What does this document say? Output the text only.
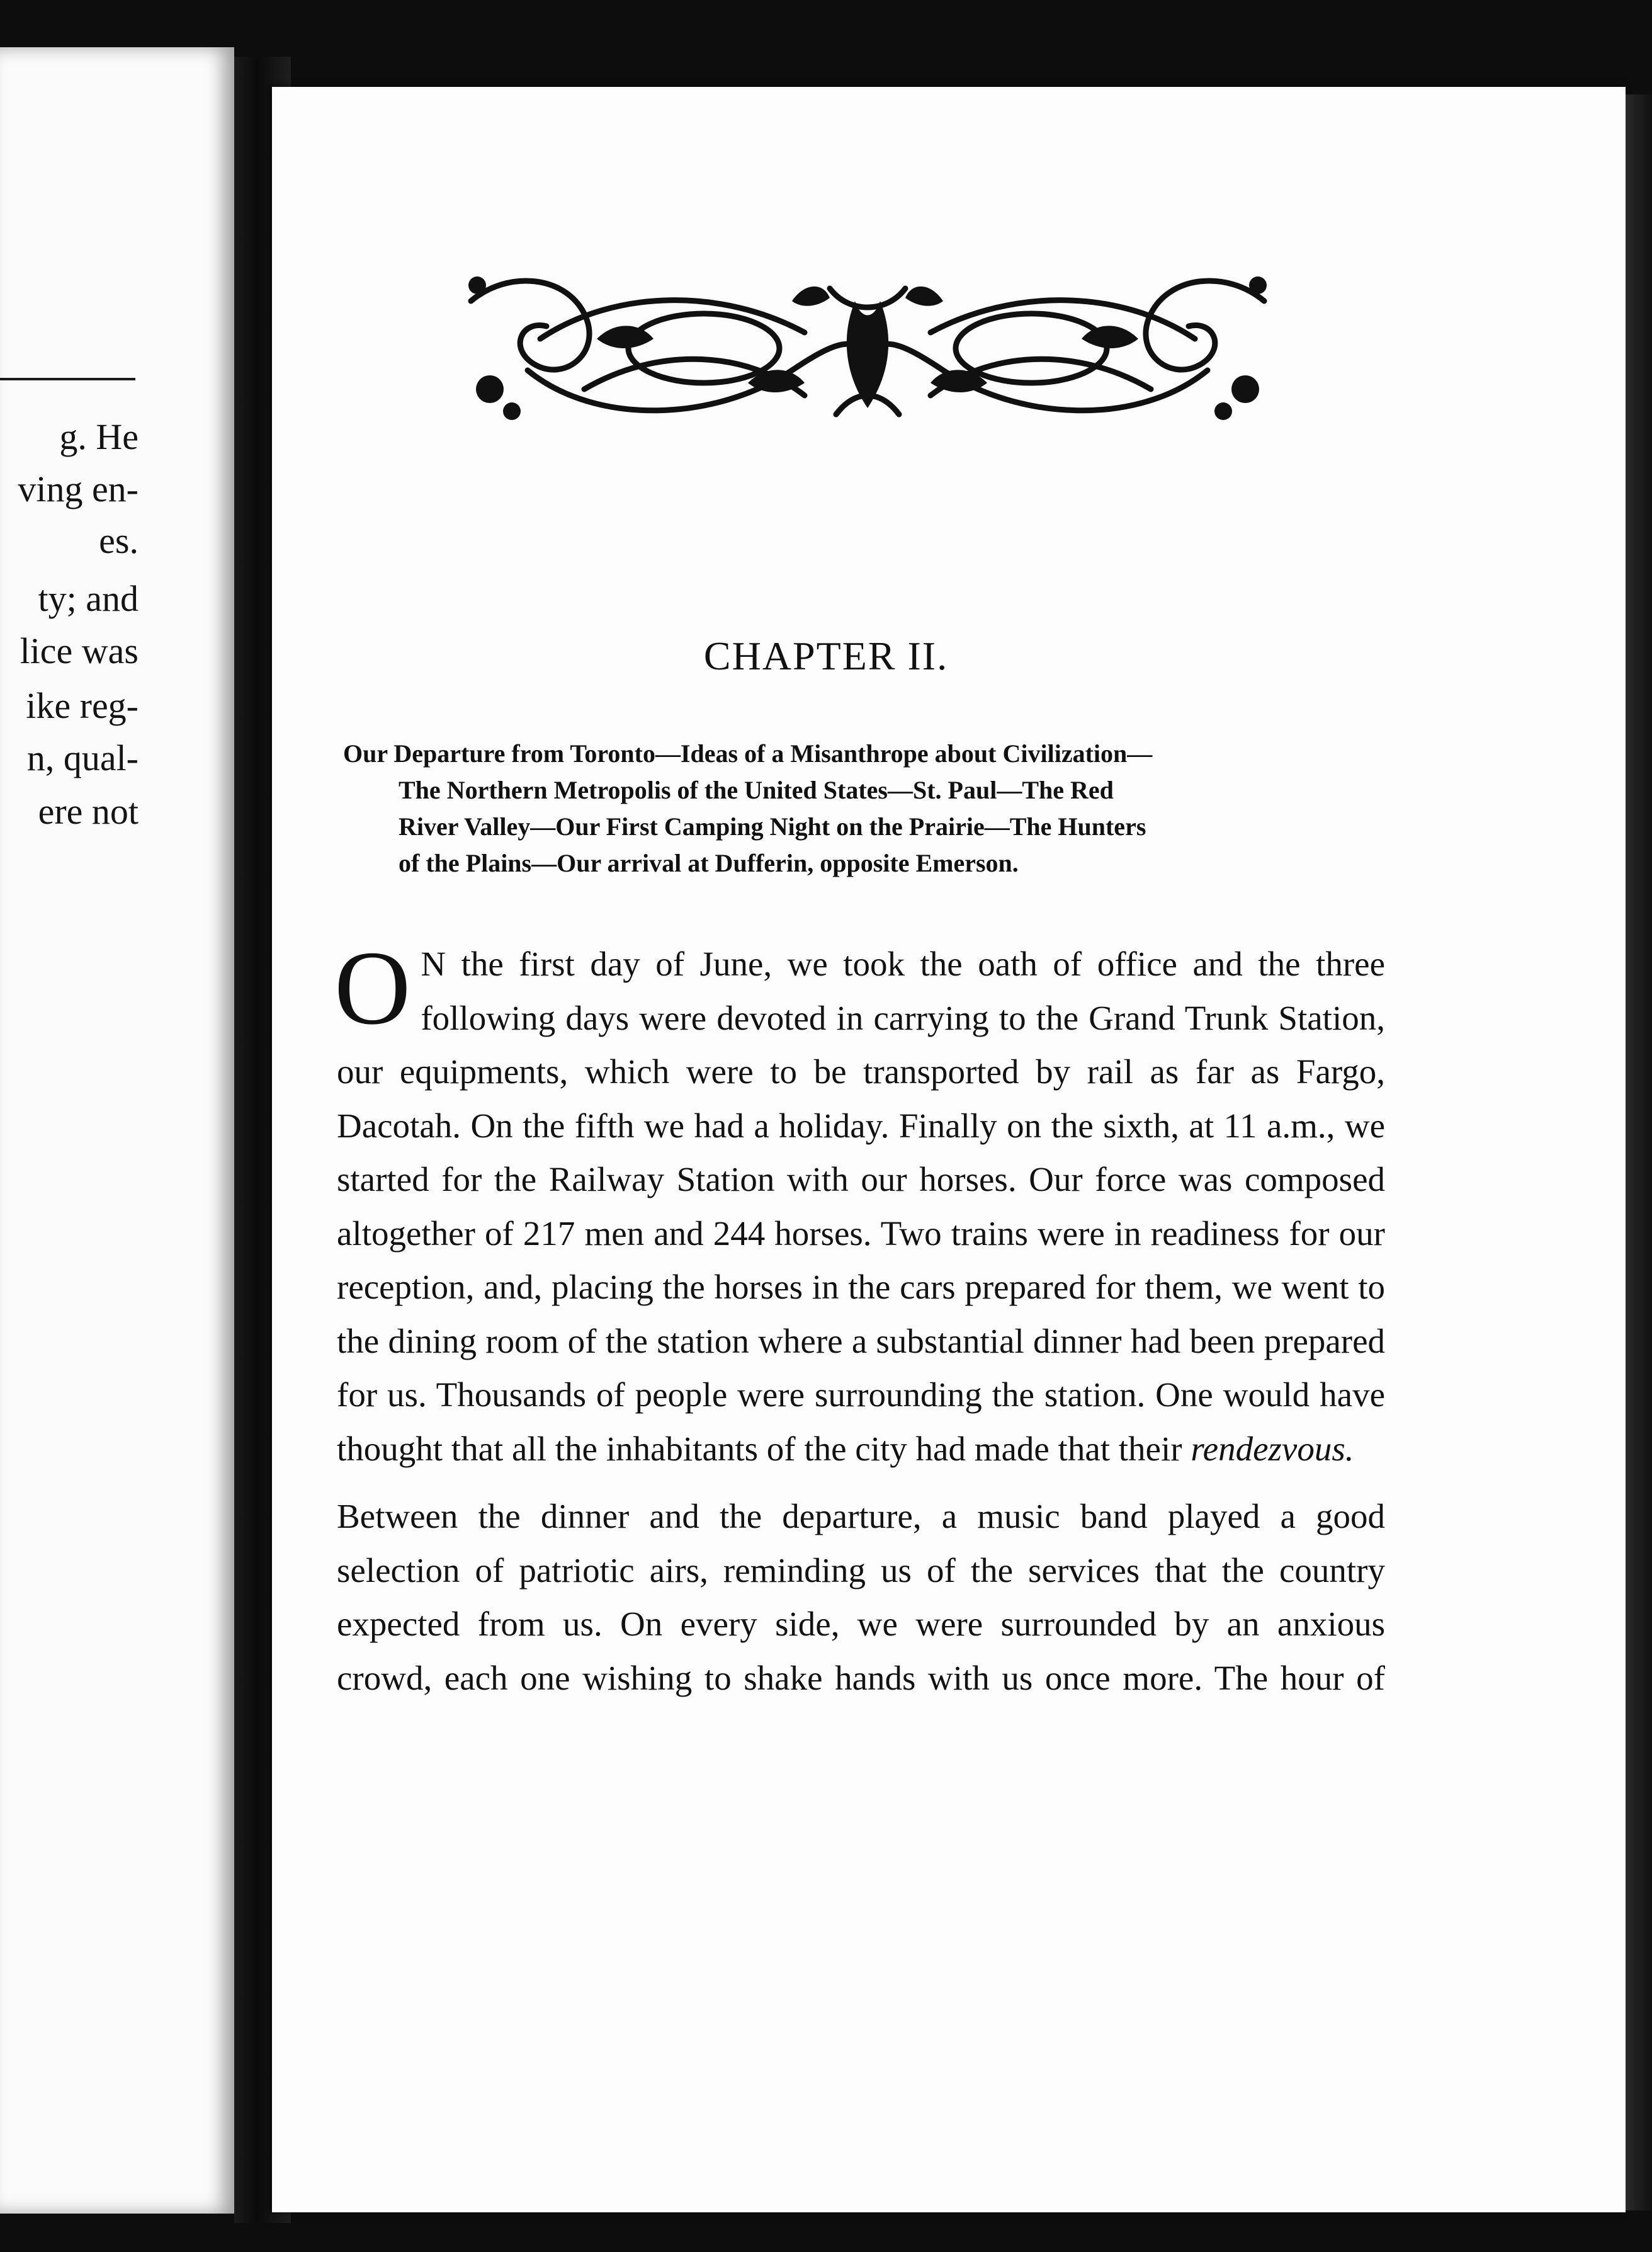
g. He
ving en-
es.
ty; and
lice was
ike reg-
n, qual-
ere not
CHAPTER II.
Our Departure from Toronto—Ideas of a Misanthrope about Civilization—
The Northern Metropolis of the United States—St. Paul—The Red
River Valley—Our First Camping Night on the Prairie—The Hunters
of the Plains—Our arrival at Dufferin, opposite Emerson.

O N the first day of June, we took the oath of office and the three following days were devoted in carrying to the Grand Trunk Station, our equipments, which were to be transported by rail as far as Fargo, Dacotah. On the fifth we had a holiday. Finally on the sixth, at 11 a.m., we started for the Railway Station with our horses. Our force was composed altogether of 217 men and 244 horses. Two trains were in readiness for our reception, and, placing the horses in the cars prepared for them, we went to the dining room of the station where a substantial dinner had been prepared for us. Thousands of people were surrounding the station. One would have thought that all the inhabitants of the city had made that their rendezvous.

Between the dinner and the departure, a music band played a good selection of patriotic airs, reminding us of the services that the country expected from us. On every side, we were surrounded by an anxious crowd, each one wishing to shake hands with us once more. The hour of
